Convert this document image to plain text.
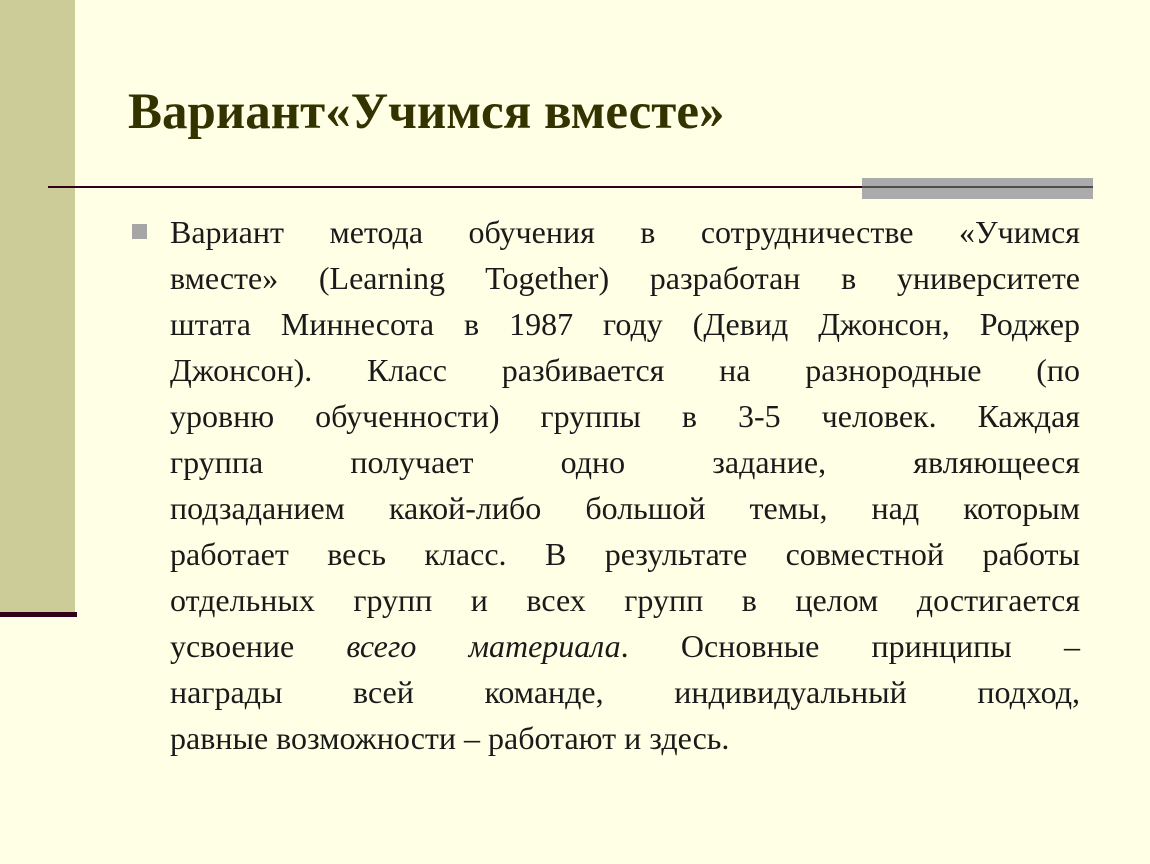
Вариант«Учимся вместе»
Вариант метода обучения в сотрудничестве «Учимся
вместе» (Learning Together) разработан в университете
штата Миннесота в 1987 году (Девид Джонсон, Роджер
Джонсон). Класс разбивается на разнородные (по
уровню обученности) группы в 3-5 человек. Каждая
группа получает одно задание, являющееся
подзаданием какой-либо большой темы, над которым
работает весь класс. В результате совместной работы
отдельных групп и всех групп в целом достигается
усвоение всего материала. Основные принципы –
награды всей команде, индивидуальный подход,
равные возможности – работают и здесь.
